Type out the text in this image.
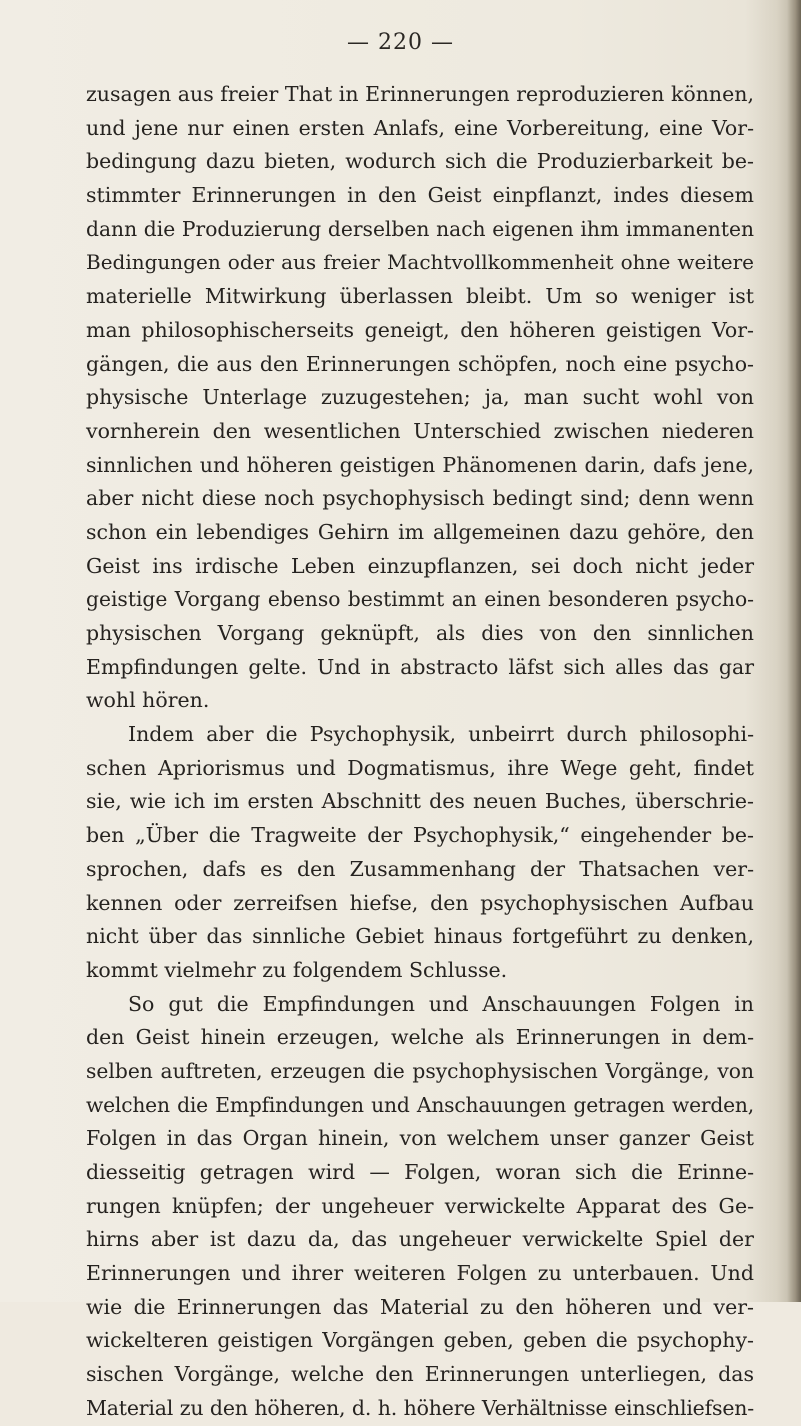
— 220 —
zusagen aus freier That in Erinnerungen reproduzieren können,
und jene nur einen ersten Anlafs, eine Vorbereitung, eine Vor-
bedingung dazu bieten, wodurch sich die Produzierbarkeit be-
stimmter Erinnerungen in den Geist einpflanzt, indes diesem
dann die Produzierung derselben nach eigenen ihm immanenten
Bedingungen oder aus freier Machtvollkommenheit ohne weitere
materielle Mitwirkung überlassen bleibt. Um so weniger ist
man philosophischerseits geneigt, den höheren geistigen Vor-
gängen, die aus den Erinnerungen schöpfen, noch eine psycho-
physische Unterlage zuzugestehen; ja, man sucht wohl von
vornherein den wesentlichen Unterschied zwischen niederen
sinnlichen und höheren geistigen Phänomenen darin, dafs jene,
aber nicht diese noch psychophysisch bedingt sind; denn wenn
schon ein lebendiges Gehirn im allgemeinen dazu gehöre, den
Geist ins irdische Leben einzupflanzen, sei doch nicht jeder
geistige Vorgang ebenso bestimmt an einen besonderen psycho-
physischen Vorgang geknüpft, als dies von den sinnlichen
Empfindungen gelte. Und in abstracto läfst sich alles das gar
wohl hören.
Indem aber die Psychophysik, unbeirrt durch philosophi-
schen Apriorismus und Dogmatismus, ihre Wege geht, findet
sie, wie ich im ersten Abschnitt des neuen Buches, überschrie-
ben „Über die Tragweite der Psychophysik,“ eingehender be-
sprochen, dafs es den Zusammenhang der Thatsachen ver-
kennen oder zerreifsen hiefse, den psychophysischen Aufbau
nicht über das sinnliche Gebiet hinaus fortgeführt zu denken,
kommt vielmehr zu folgendem Schlusse.
So gut die Empfindungen und Anschauungen Folgen in
den Geist hinein erzeugen, welche als Erinnerungen in dem-
selben auftreten, erzeugen die psychophysischen Vorgänge, von
welchen die Empfindungen und Anschauungen getragen werden,
Folgen in das Organ hinein, von welchem unser ganzer Geist
diesseitig getragen wird — Folgen, woran sich die Erinne-
rungen knüpfen; der ungeheuer verwickelte Apparat des Ge-
hirns aber ist dazu da, das ungeheuer verwickelte Spiel der
Erinnerungen und ihrer weiteren Folgen zu unterbauen. Und
wie die Erinnerungen das Material zu den höheren und ver-
wickelteren geistigen Vorgängen geben, geben die psychophy-
sischen Vorgänge, welche den Erinnerungen unterliegen, das
Material zu den höheren, d. h. höhere Verhältnisse einschliefsen-
